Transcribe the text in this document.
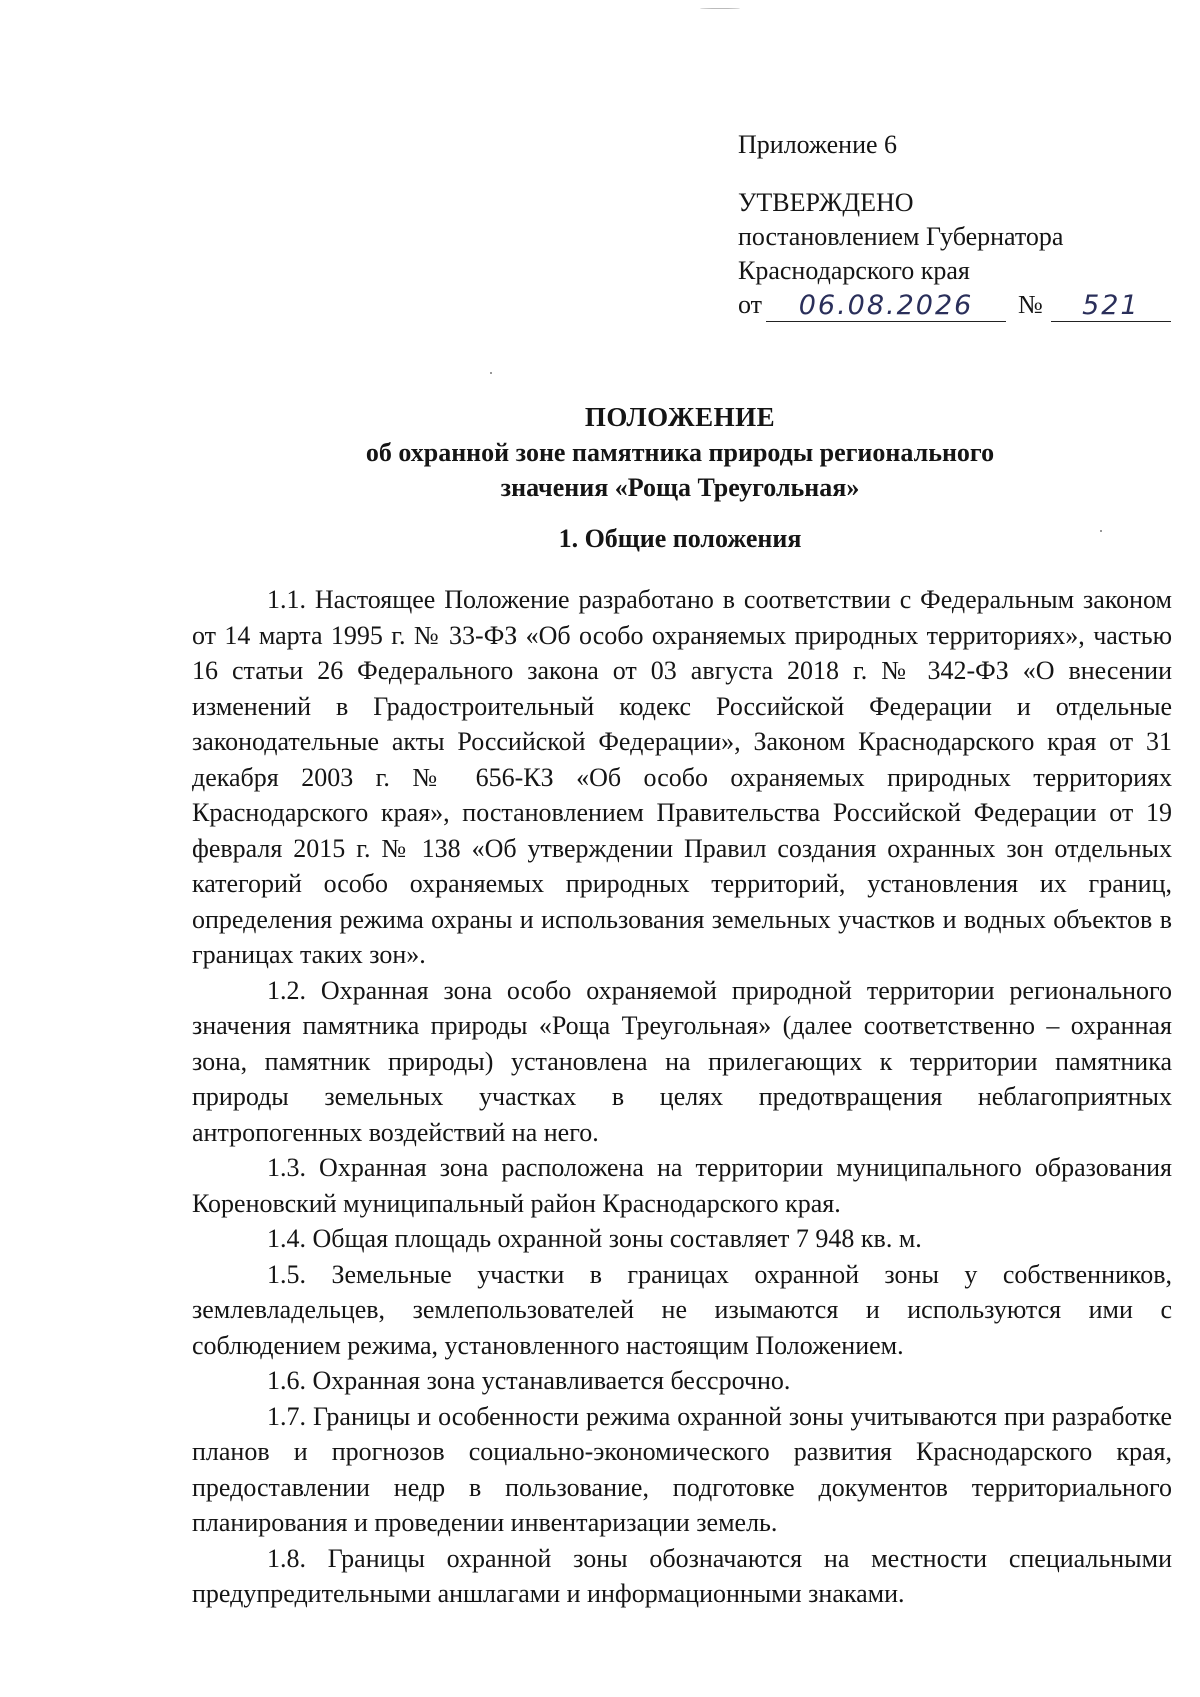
Приложение 6
УТВЕРЖДЕНО
постановлением Губернатора
Краснодарского края
от	06.08.2026	№	521
ПОЛОЖЕНИЕ
об охранной зоне памятника природы регионального
значения «Роща Треугольная»
1. Общие положения

1.1. Настоящее Положение разработано в соответствии с Федеральным законом от 14 марта 1995 г. № 33-ФЗ «Об особо охраняемых природных территориях», частью 16 статьи 26 Федерального закона от 03 августа 2018 г. № 342-ФЗ «О внесении изменений в Градостроительный кодекс Российской Федерации и отдельные законодательные акты Российской Федерации», Законом Краснодарского края от 31 декабря 2003 г. № 656-КЗ «Об особо охраняемых природных территориях Краснодарского края», постановлением Правительства Российской Федерации от 19 февраля 2015 г. № 138 «Об утверждении Правил создания охранных зон отдельных категорий особо охраняемых природных территорий, установления их границ, определения режима охраны и использования земельных участков и водных объектов в границах таких зон».

1.2. Охранная зона особо охраняемой природной территории регионального значения памятника природы «Роща Треугольная» (далее соответственно – охранная зона, памятник природы) установлена на прилегающих к территории памятника природы земельных участках в целях предотвращения неблагоприятных антропогенных воздействий на него.

1.3. Охранная зона расположена на территории муниципального образования Кореновский муниципальный район Краснодарского края.

1.4. Общая площадь охранной зоны составляет 7 948 кв. м.

1.5. Земельные участки в границах охранной зоны у собственников, землевладельцев, землепользователей не изымаются и используются ими с соблюдением режима, установленного настоящим Положением.

1.6. Охранная зона устанавливается бессрочно.

1.7. Границы и особенности режима охранной зоны учитываются при разработке планов и прогнозов социально-экономического развития Краснодарского края, предоставлении недр в пользование, подготовке документов территориального планирования и проведении инвентаризации земель.

1.8. Границы охранной зоны обозначаются на местности специальными предупредительными аншлагами и информационными знаками.
